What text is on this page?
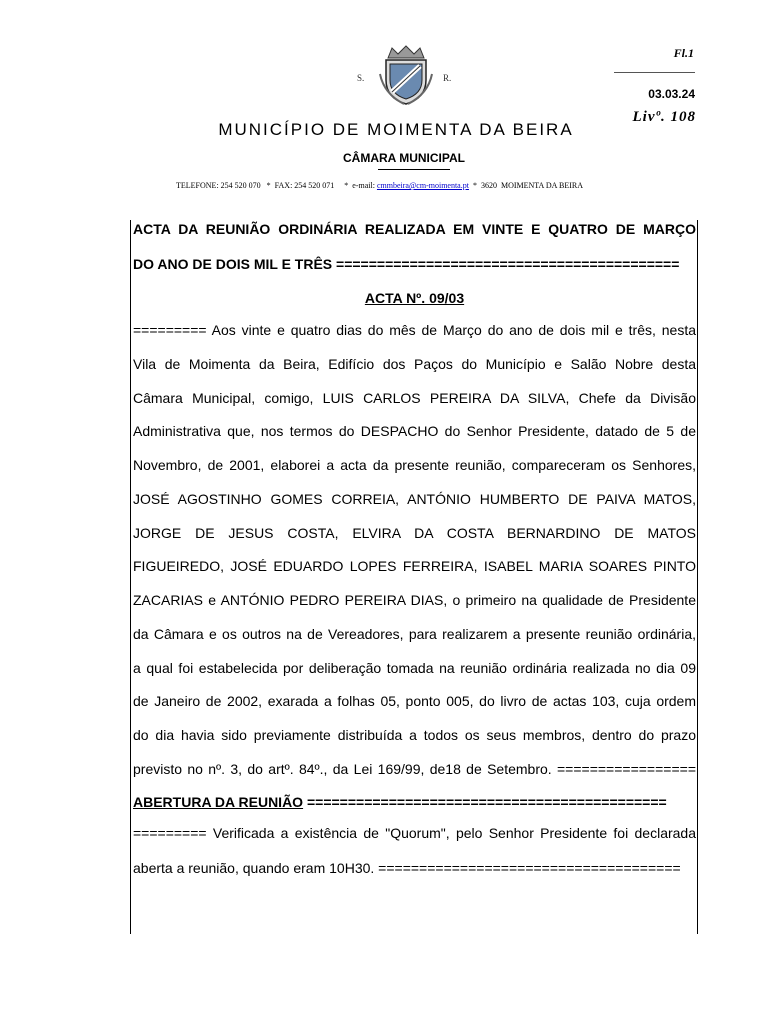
S.	R.
Fl.1
03.03.24
Livº. 108
MUNICÍPIO DE MOIMENTA DA BEIRA
CÂMARA MUNICIPAL
TELEFONE: 254 520 070   *  FAX: 254 520 071     *  e-mail: cmmbeira@cm-moimenta.pt  *  3620  MOIMENTA DA BEIRA
ACTA DA REUNIÃO ORDINÁRIA REALIZADA EM VINTE E QUATRO DE MARÇO
DO ANO DE DOIS MIL E TRÊS ==========================================
ACTA Nº. 09/03
========= Aos vinte e quatro dias do mês de Março do ano de dois mil e três, nesta
Vila de Moimenta da Beira, Edifício dos Paços do Município e Salão Nobre desta
Câmara Municipal, comigo, LUIS CARLOS PEREIRA DA SILVA, Chefe da Divisão
Administrativa que, nos termos do DESPACHO do Senhor Presidente, datado de 5 de
Novembro, de 2001, elaborei a acta da presente reunião, compareceram os Senhores,
JOSÉ AGOSTINHO GOMES CORREIA, ANTÓNIO HUMBERTO DE PAIVA MATOS,
JORGE DE JESUS COSTA, ELVIRA DA COSTA BERNARDINO DE MATOS
FIGUEIREDO, JOSÉ EDUARDO LOPES FERREIRA, ISABEL MARIA SOARES PINTO
ZACARIAS e ANTÓNIO PEDRO PEREIRA DIAS, o primeiro na qualidade de Presidente
da Câmara e os outros na de Vereadores, para realizarem a presente reunião ordinária,
a qual foi estabelecida por deliberação tomada na reunião ordinária realizada no dia 09
de Janeiro de 2002, exarada a folhas 05, ponto 005, do livro de actas 103, cuja ordem
do dia havia sido previamente distribuída a todos os seus membros, dentro do prazo
previsto no nº. 3, do artº. 84º., da Lei 169/99, de18 de Setembro. =================
ABERTURA DA REUNIÃO ============================================
========= Verificada a existência de "Quorum", pelo Senhor Presidente foi declarada
aberta a reunião, quando eram 10H30. =====================================
